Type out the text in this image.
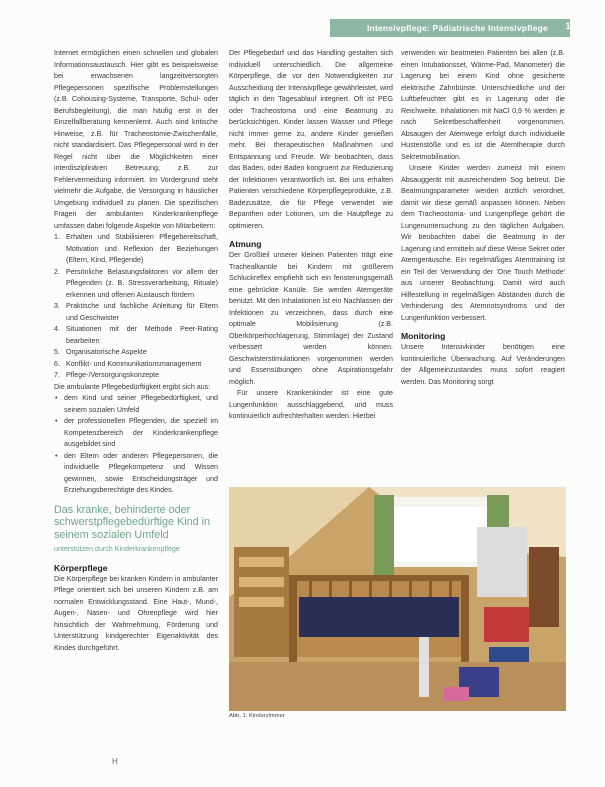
Intensivpflege: Pädiatrische Intensivpflege 11

Internet ermöglichen einen schnellen und globalen Informationsaustausch. Hier gibt es beispielsweise bei erwachsenen langzeitversorgten Pflegepersonen spezifische Problemstellungen (z.B. Cohousing-Systeme, Transporte, Schul- oder Berufsbegleitung), die man häufig erst in der Einzelfallberatung kennenlernt. Auch sind kritische Hinweise, z.B. für Tracheostomie-Zwischenfälle, nicht standardisiert. Das Pflegepersonal wird in der Regel nicht über die Möglichkeiten einer interdisziplinären Betreuung, z.B. zur Fehlervermeidung informiert. Im Vordergrund steht vielmehr die Aufgabe, die Versorgung in häuslicher Umgebung individuell zu planen. Die spezifischen Fragen der ambulanten Kinderkrankenpflege umfassen dabei folgende Aspekte von Mitarbeitern:

1. Erhalten und Stabilisieren Pflegebereitschaft, Motivation und Reflexion der Beziehungen (Eltern, Kind, Pflegende)
2. Persönliche Belastungsfaktoren vor allem der Pflegenden (z. B. Stressverarbeitung, Rituale) erkennen und offenen Austausch fördern
3. Praktische und fachliche Anleitung für Eltern und Geschwister
4. Situationen mit der Methode Peer-Rating bearbeiten
5. Organisatorische Aspekte
6. Konflikt- und Kommunikationsmanagement
7. Pflege-/Versorgungskonzepte

Die ambulante Pflegebedürftigkeit ergibt sich aus:

• dem Kind und seiner Pflegebedürftigkeit, und seinem sozialen Umfeld
• der professionellen Pflegenden, die speziell im Kompetenzbereich der Kinderkrankenpflege ausgebildet sind
• den Eltern oder anderen Pflegepersonen, die individuelle Pflegekompetenz und Wissen gewinnen, sowie Entscheidungsträger und Erziehungsberechtigte des Kindes.
Das kranke, behinderte oder schwerstpflegebedürftige Kind in seinem sozialen Umfeld
unterstützen durch Kinderkrankenpflege
Körperpflege

Die Körperpflege bei kranken Kindern in ambulanter Pflege orientiert sich bei unseren Kindern z.B. am normalen Entwicklungsstand. Eine Haut-, Mund-, Augen-, Nasen- und Ohrenpflege wird hier hinsichtlich der Wahrnehmung, Förderung und Unterstützung kindgerechter Eigenaktivität des Kindes durchgeführt.

Der Pflegebedarf und das Handling gestalten sich individuell unterschiedlich. Die allgemeine Körperpflege, die vor den Notwendigkeiten zur Ausscheidung der Intensivpflege gewährleistet, wird täglich in den Tagesablauf integriert. Oft ist PEG oder Tracheostoma und eine Beatmung zu berücksichtigen. Kinder lassen Wasser und Pflege nicht immer gerne zu, andere Kinder genießen mehr. Bei therapeutischen Maßnahmen und Entspannung und Freude. Wir beobachten, dass das Baden, oder Baden kongruent zur Reduzierung der Infektionen verantwortlich ist. Bei uns erhalten Patienten verschiedene Körperpflegeprodukte, z.B. Badezusätze, die für Pflege verwendet wie Bepanthen oder Lotionen, um die Hautpflege zu optimieren.

Atmung

Der Großteil unserer kleinen Patienten trägt eine Trachealkanüle bei Kindern mit größerem Schluckreflex empfiehlt sich ein fensterungsgemäß eine gebrückte Kanüle. Sie werden Atemgeräte benutzt. Mit den Inhalationen ist ein Nachlassen der Infektionen zu verzeichnen, dass durch eine optimale Mobilisierung (z.B. Oberkörperhochlagerung, Stimmlage) der Zustand verbessert werden können. Geschwisterstimulationen vorgenommen werden und Essensübungen ohne Aspirationsgefahr möglich.

Für unsere Krankenkinder ist eine gute Lungenfunktion ausschlaggebend, und muss kontinuierlich aufrechterhalten werden. Hierbei

verwenden wir beatmeten Patienten bei allen (z.B. einen Intubationsset, Wärme-Pad, Manometer) die Lagerung bei einem Kind ohne gesicherte elektrische Zahnbürste. Unterschiedliche und der Luftbefeuchter gibt es in Lagerung oder die Reichweite. Inhalationen mit NaCl 0,9 % werden je nach Sekretbeschaffenheit vorgenommen. Absaugen der Atemwege erfolgt durch individuelle Hustenstöße und es ist die Atemtherapie durch Sekretmobilisation.

Unsere Kinder werden zumeist mit einem Absauggerät mit ausreichendem Sog betreut. Die Beatmungsparameter werden ärztlich verordnet, damit wir diese gemäß anpassen können. Neben dem Tracheostoma- und Lungenpflege gehört die Lungenuntersuchung zu den täglichen Aufgaben. Wir beobachten dabei die Beatmung in der Lagerung und ermitteln auf diese Weise Sekret oder Atemgeräusche. Ein regelmäßiges Atemtraining ist ein Teil der Verwendung der 'One Touch Methode' aus unserer Beobachtung. Damit wird auch Hilfestellung in regelmäßigen Abständen durch die Verhinderung des Atemnotsyndroms und der Lungenfunktion verbessert.

Monitoring

Unsere Intensivkinder benötigen eine kontinuierliche Überwachung. Auf Veränderungen der Allgemeinzustandes muss sofort reagiert werden. Das Monitoring sorgt

Abb. 1: Kinderzimmer
H
